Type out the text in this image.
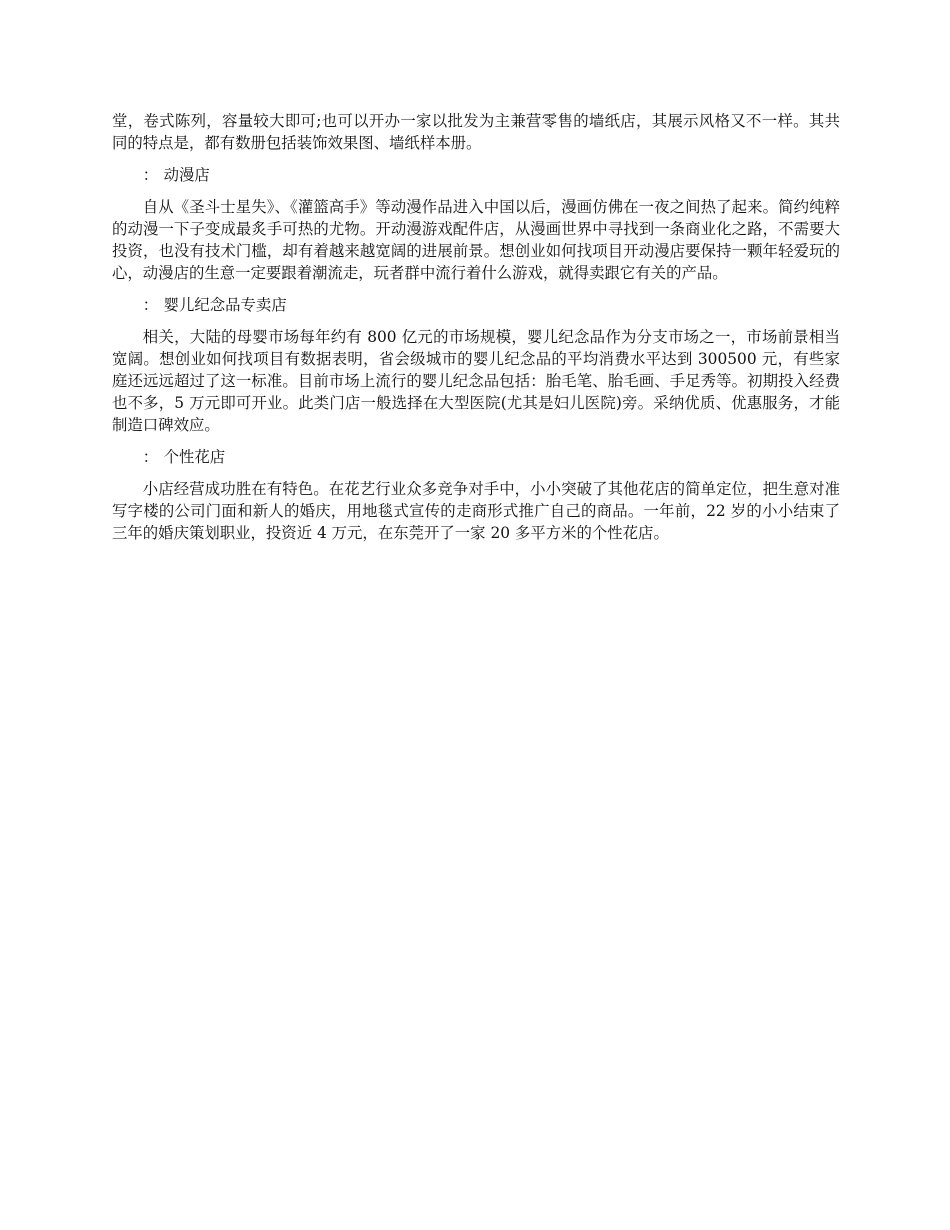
堂，卷式陈列，容量较大即可;也可以开办一家以批发为主兼营零售的墙纸店，其展示风格又不一样。其共同的特点是，都有数册包括装饰效果图、墙纸样本册。

： 动漫店

自从《圣斗士星失》、《灌篮高手》等动漫作品进入中国以后，漫画仿佛在一夜之间热了起来。简约纯粹的动漫一下子变成最炙手可热的尤物。开动漫游戏配件店，从漫画世界中寻找到一条商业化之路，不需要大投资，也没有技术门槛，却有着越来越宽阔的进展前景。想创业如何找项目开动漫店要保持一颗年轻爱玩的心，动漫店的生意一定要跟着潮流走，玩者群中流行着什么游戏，就得卖跟它有关的产品。

： 婴儿纪念品专卖店

相关，大陆的母婴市场每年约有 800 亿元的市场规模，婴儿纪念品作为分支市场之一，市场前景相当宽阔。想创业如何找项目有数据表明，省会级城市的婴儿纪念品的平均消费水平达到 300500 元，有些家庭还远远超过了这一标准。目前市场上流行的婴儿纪念品包括：胎毛笔、胎毛画、手足秀等。初期投入经费也不多，5 万元即可开业。此类门店一般选择在大型医院(尤其是妇儿医院)旁。采纳优质、优惠服务，才能制造口碑效应。

： 个性花店

小店经营成功胜在有特色。在花艺行业众多竞争对手中，小小突破了其他花店的简单定位，把生意对准写字楼的公司门面和新人的婚庆，用地毯式宣传的走商形式推广自己的商品。一年前，22 岁的小小结束了三年的婚庆策划职业，投资近 4 万元，在东莞开了一家 20 多平方米的个性花店。
